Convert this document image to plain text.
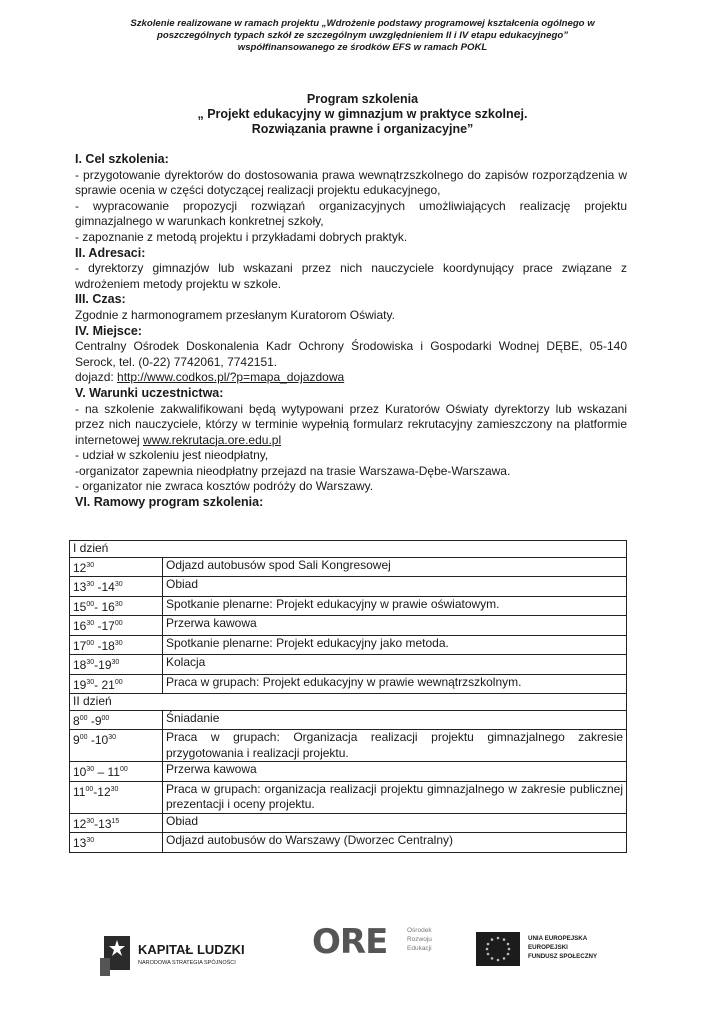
Szkolenie realizowane w ramach projektu „Wdrożenie podstawy programowej kształcenia ogólnego w
poszczególnych typach szkół ze szczególnym uwzględnieniem II i IV etapu edukacyjnego”
współfinansowanego ze środków EFS w ramach POKL
Program szkolenia
„ Projekt edukacyjny w gimnazjum w praktyce szkolnej.
Rozwiązania prawne i organizacyjne”

I. Cel szkolenia:

- przygotowanie dyrektorów do dostosowania prawa wewnątrzszkolnego do zapisów rozporządzenia w sprawie ocenia w części dotyczącej realizacji projektu edukacyjnego,

- wypracowanie propozycji rozwiązań organizacyjnych umożliwiających realizację projektu gimnazjalnego w warunkach konkretnej szkoły,

- zapoznanie z metodą projektu i przykładami dobrych praktyk.

II. Adresaci:

- dyrektorzy gimnazjów lub wskazani przez nich nauczyciele koordynujący prace związane z wdrożeniem metody projektu w szkole.

III. Czas:

Zgodnie z harmonogramem przesłanym Kuratorom Oświaty.

IV. Miejsce:

Centralny Ośrodek Doskonalenia Kadr Ochrony Środowiska i Gospodarki Wodnej DĘBE, 05-140 Serock, tel. (0-22) 7742061, 7742151.

dojazd: http://www.codkos.pl/?p=mapa_dojazdowa

V. Warunki uczestnictwa:

- na szkolenie zakwalifikowani będą wytypowani przez Kuratorów Oświaty dyrektorzy lub wskazani przez nich nauczyciele, którzy w terminie wypełnią formularz rekrutacyjny zamieszczony na platformie internetowej www.rekrutacja.ore.edu.pl

- udział w szkoleniu jest nieodpłatny,

-organizator zapewnia nieodpłatny przejazd na trasie Warszawa-Dębe-Warszawa.

- organizator nie zwraca kosztów podróży do Warszawy.

VI. Ramowy program szkolenia:

I dzień	
$12^{30}$	Odjazd autobusów spod Sali Kongresowej
$13^{30}$ $-14^{30}$	Obiad
$15^{00}-$ $16^{30}$	Spotkanie plenarne: Projekt edukacyjny w prawie oświatowym.
$16^{30}$ $-17^{00}$	Przerwa kawowa
$17^{00}$ $-18^{30}$	Spotkanie plenarne: Projekt edukacyjny jako metoda.
$18^{30}-19^{30}$	Kolacja
$19^{30}-$ $21^{00}$	Praca w grupach: Projekt edukacyjny w prawie wewnątrzszkolnym.
II dzień	
$8^{00}$ $-9^{00}$	Śniadanie
$9^{00}$ $-10^{30}$	Praca w grupach: Organizacja realizacji projektu gimnazjalnego zakresie przygotowania i realizacji projektu.
$10^{30} - 11^{00}$	Przerwa kawowa
$11^{00}-12^{30}$	Praca w grupach: organizacja realizacji projektu gimnazjalnego w zakresie publicznej prezentacji i oceny projektu.
$12^{30}-13^{15}$	Obiad
$13^{30}$	Odjazd autobusów do Warszawy (Dworzec Centralny)
KAPITAŁ LUDZKI
NARODOWA STRATEGIA SPÓJNOŚCI
ORE	Ośrodek
Rozwoju
Edukacji
UNIA EUROPEJSKA
EUROPEJSKI
FUNDUSZ SPOŁECZNY
